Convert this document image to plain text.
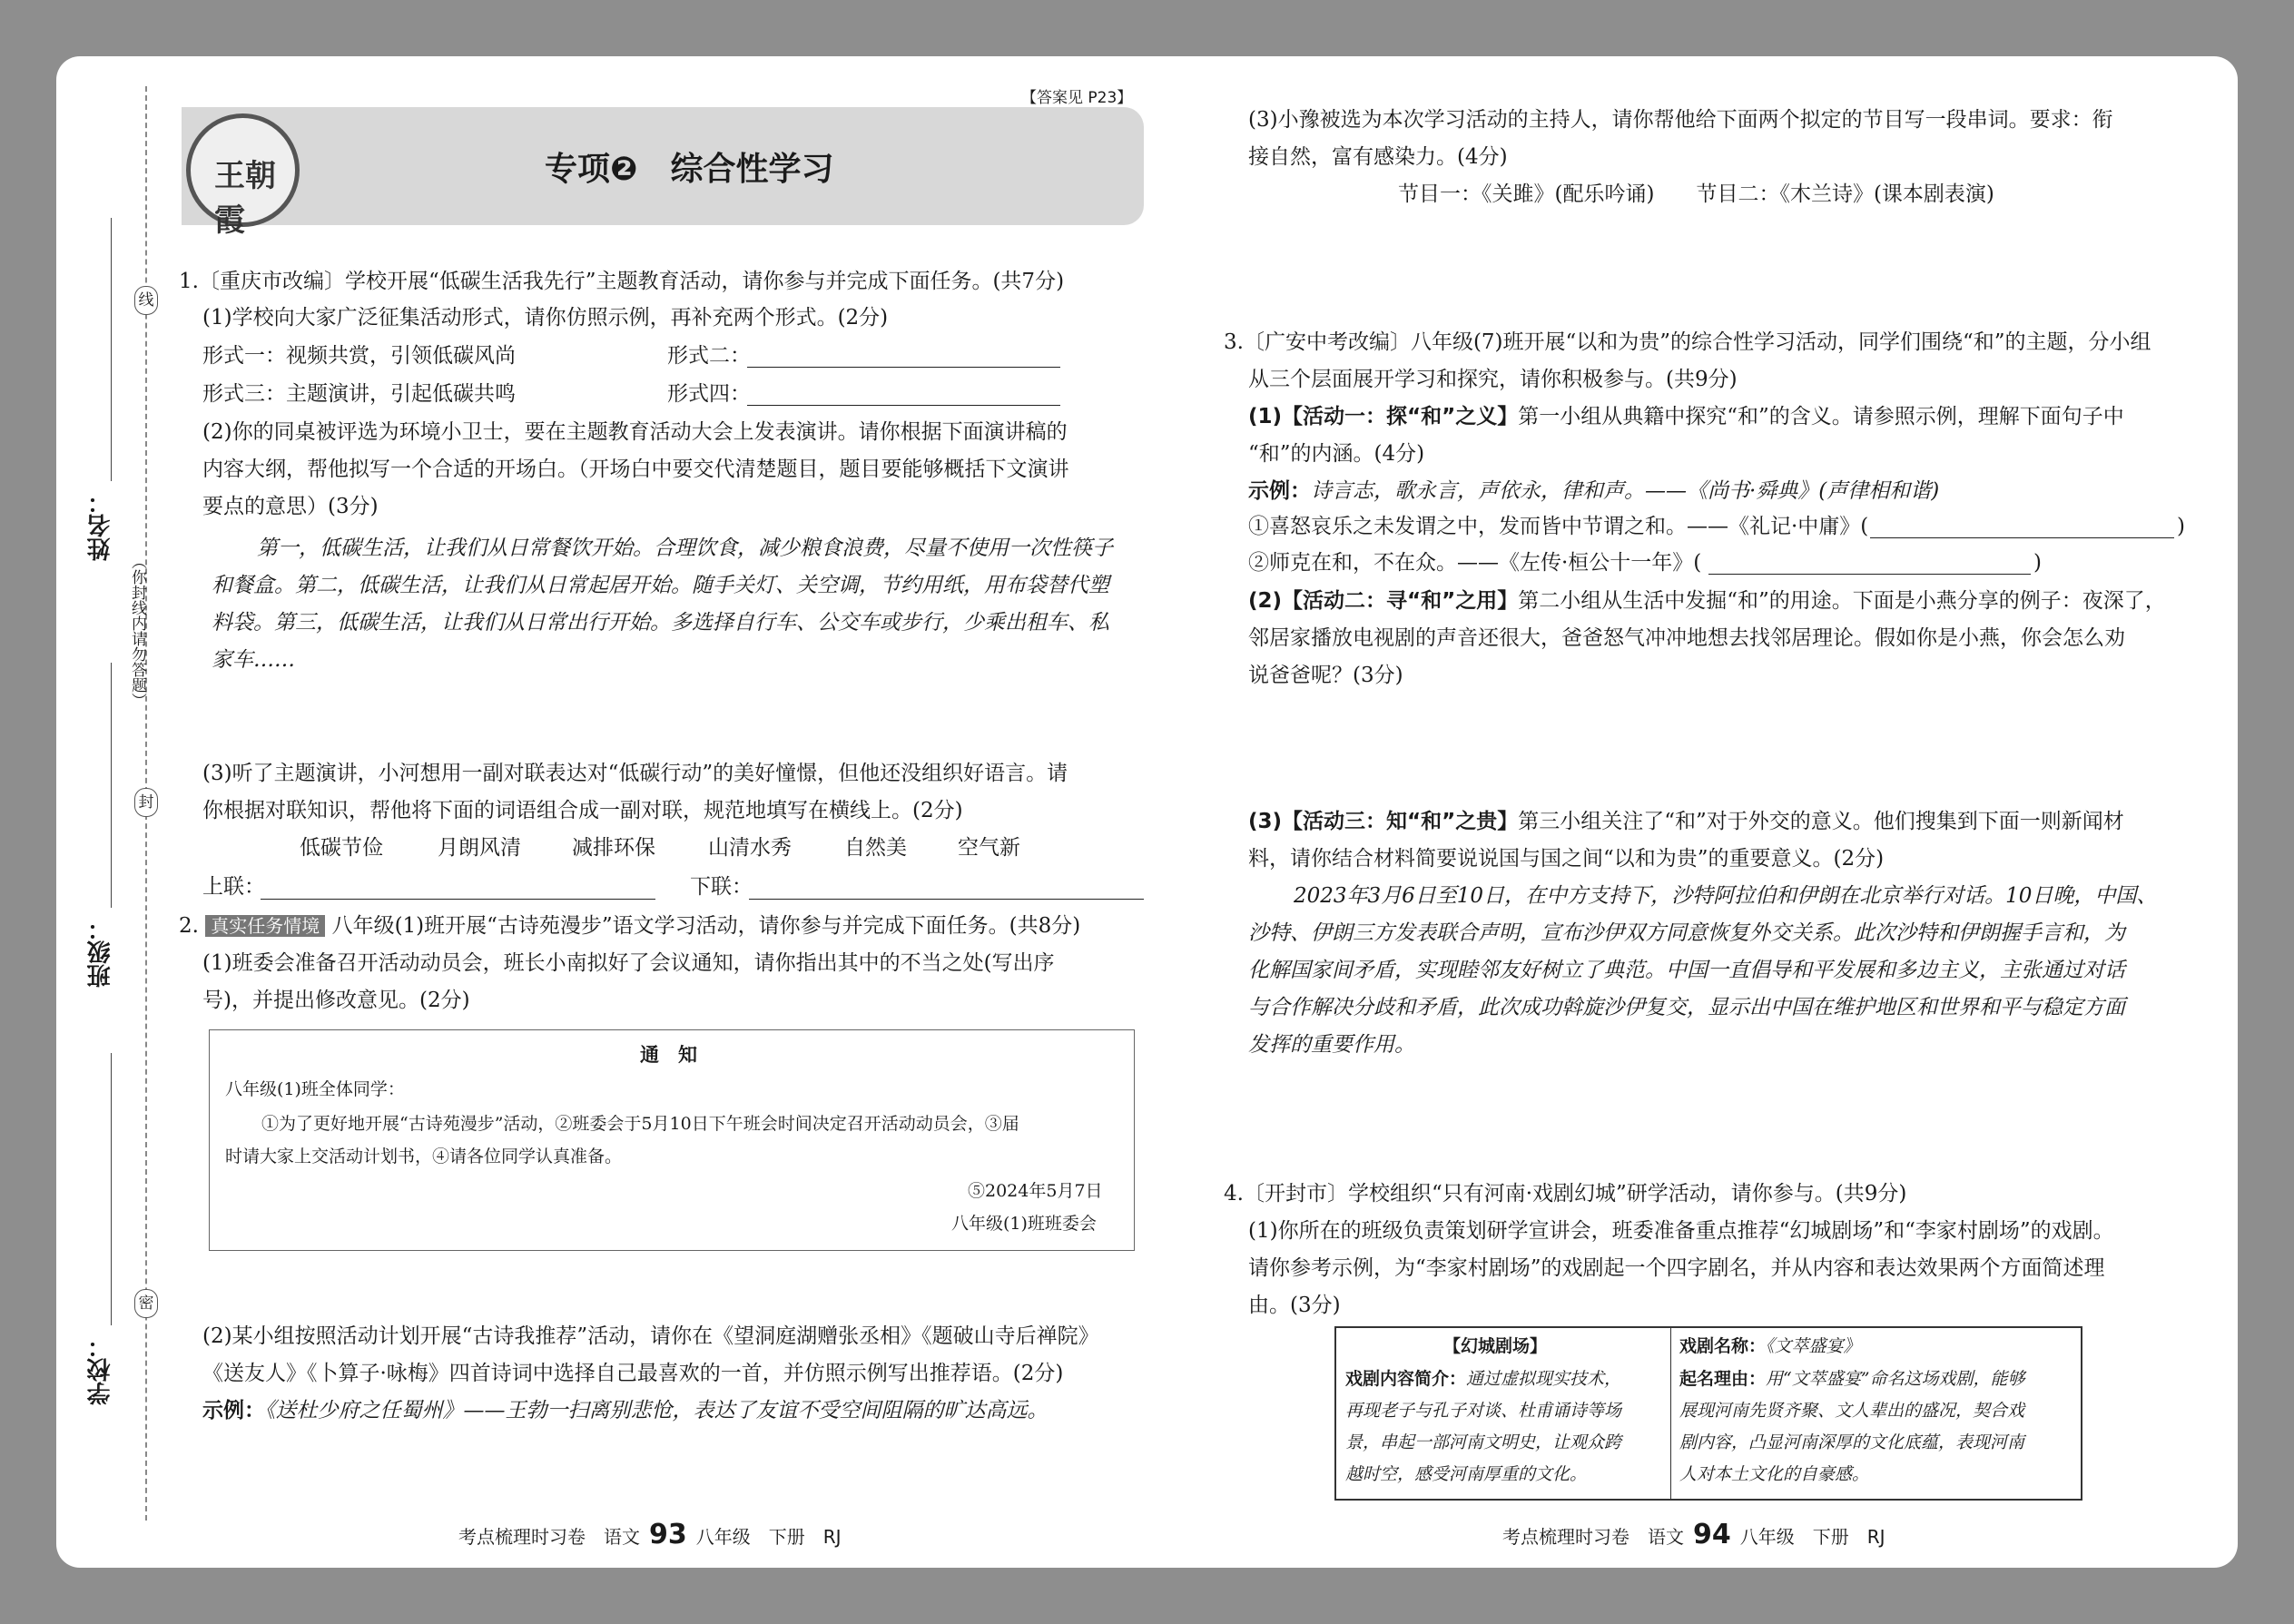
线
封
密
（你封线内请勿答题）
姓名：
班级：
学校：
【答案见 P23】
王朝霞
专项❷　综合性学习
1.〔重庆市改编〕学校开展“低碳生活我先行”主题教育活动，请你参与并完成下面任务。(共7分)
(1)学校向大家广泛征集活动形式，请你仿照示例，再补充两个形式。(2分)
形式一：视频共赏，引领低碳风尚	形式二：
形式三：主题演讲，引起低碳共鸣	形式四：
(2)你的同桌被评选为环境小卫士，要在主题教育活动大会上发表演讲。请你根据下面演讲稿的
内容大纲，帮他拟写一个合适的开场白。（开场白中要交代清楚题目，题目要能够概括下文演讲
要点的意思）(3分)
第一，低碳生活，让我们从日常餐饮开始。合理饮食，减少粮食浪费，尽量不使用一次性筷子
和餐盒。第二，低碳生活，让我们从日常起居开始。随手关灯、关空调，节约用纸，用布袋替代塑
料袋。第三，低碳生活，让我们从日常出行开始。多选择自行车、公交车或步行，少乘出租车、私
家车……
(3)听了主题演讲，小河想用一副对联表达对“低碳行动”的美好憧憬，但他还没组织好语言。请
你根据对联知识，帮他将下面的词语组合成一副对联，规范地填写在横线上。(2分)
低碳节俭	月朗风清 减排环保	山清水秀	自然美 空气新
上联：	下联：
2. 真实任务情境 八年级(1)班开展“古诗苑漫步”语文学习活动，请你参与并完成下面任务。(共8分)
(1)班委会准备召开活动动员会，班长小南拟好了会议通知，请你指出其中的不当之处(写出序
号)，并提出修改意见。(2分)
通　知
八年级(1)班全体同学：
①为了更好地开展“古诗苑漫步”活动，②班委会于5月10日下午班会时间决定召开活动动员会，③届
时请大家上交活动计划书，④请各位同学认真准备。
⑤2024年5月7日
八年级(1)班班委会
(2)某小组按照活动计划开展“古诗我推荐”活动，请你在《望洞庭湖赠张丞相》《题破山寺后禅院》
《送友人》《卜算子·咏梅》四首诗词中选择自己最喜欢的一首，并仿照示例写出推荐语。(2分)
示例：《送杜少府之任蜀州》——王勃一扫离别悲怆，表达了友谊不受空间阻隔的旷达高远。
(3)小豫被选为本次学习活动的主持人，请你帮他给下面两个拟定的节目写一段串词。要求：衔
接自然，富有感染力。(4分)
节目一：《关雎》(配乐吟诵)　　节目二：《木兰诗》(课本剧表演)
3.〔广安中考改编〕八年级(7)班开展“以和为贵”的综合性学习活动，同学们围绕“和”的主题，分小组
从三个层面展开学习和探究，请你积极参与。(共9分)
(1)【活动一：探“和”之义】第一小组从典籍中探究“和”的含义。请参照示例，理解下面句子中
“和”的内涵。(4分)
示例：诗言志，歌永言，声依永，律和声。——《尚书·舜典》(声律相和谐)
①喜怒哀乐之未发谓之中，发而皆中节谓之和。——《礼记·中庸》(	)
②师克在和，不在众。——《左传·桓公十一年》(	)
(2)【活动二：寻“和”之用】第二小组从生活中发掘“和”的用途。下面是小燕分享的例子：夜深了，
邻居家播放电视剧的声音还很大，爸爸怒气冲冲地想去找邻居理论。假如你是小燕，你会怎么劝
说爸爸呢？(3分)
(3)【活动三：知“和”之贵】第三小组关注了“和”对于外交的意义。他们搜集到下面一则新闻材
料，请你结合材料简要说说国与国之间“以和为贵”的重要意义。(2分)
2023年3月6日至10日，在中方支持下，沙特阿拉伯和伊朗在北京举行对话。10日晚，中国、
沙特、伊朗三方发表联合声明，宣布沙伊双方同意恢复外交关系。此次沙特和伊朗握手言和，为
化解国家间矛盾，实现睦邻友好树立了典范。中国一直倡导和平发展和多边主义，主张通过对话
与合作解决分歧和矛盾，此次成功斡旋沙伊复交，显示出中国在维护地区和世界和平与稳定方面
发挥的重要作用。
4.〔开封市〕学校组织“只有河南·戏剧幻城”研学活动，请你参与。(共9分)
(1)你所在的班级负责策划研学宣讲会，班委准备重点推荐“幻城剧场”和“李家村剧场”的戏剧。
请你参考示例，为“李家村剧场”的戏剧起一个四字剧名，并从内容和表达效果两个方面简述理
由。(3分)
【幻城剧场】
戏剧内容简介：通过虚拟现实技术，
再现老子与孔子对谈、杜甫诵诗等场
景，串起一部河南文明史，让观众跨
越时空，感受河南厚重的文化。
戏剧名称：《文萃盛宴》
起名理由：用“文萃盛宴”命名这场戏剧，能够
展现河南先贤齐聚、文人辈出的盛况，契合戏
剧内容，凸显河南深厚的文化底蕴，表现河南
人对本土文化的自豪感。
考点梳理时习卷　语文 93 八年级　下册　RJ	考点梳理时习卷　语文 94 八年级　下册　RJ
